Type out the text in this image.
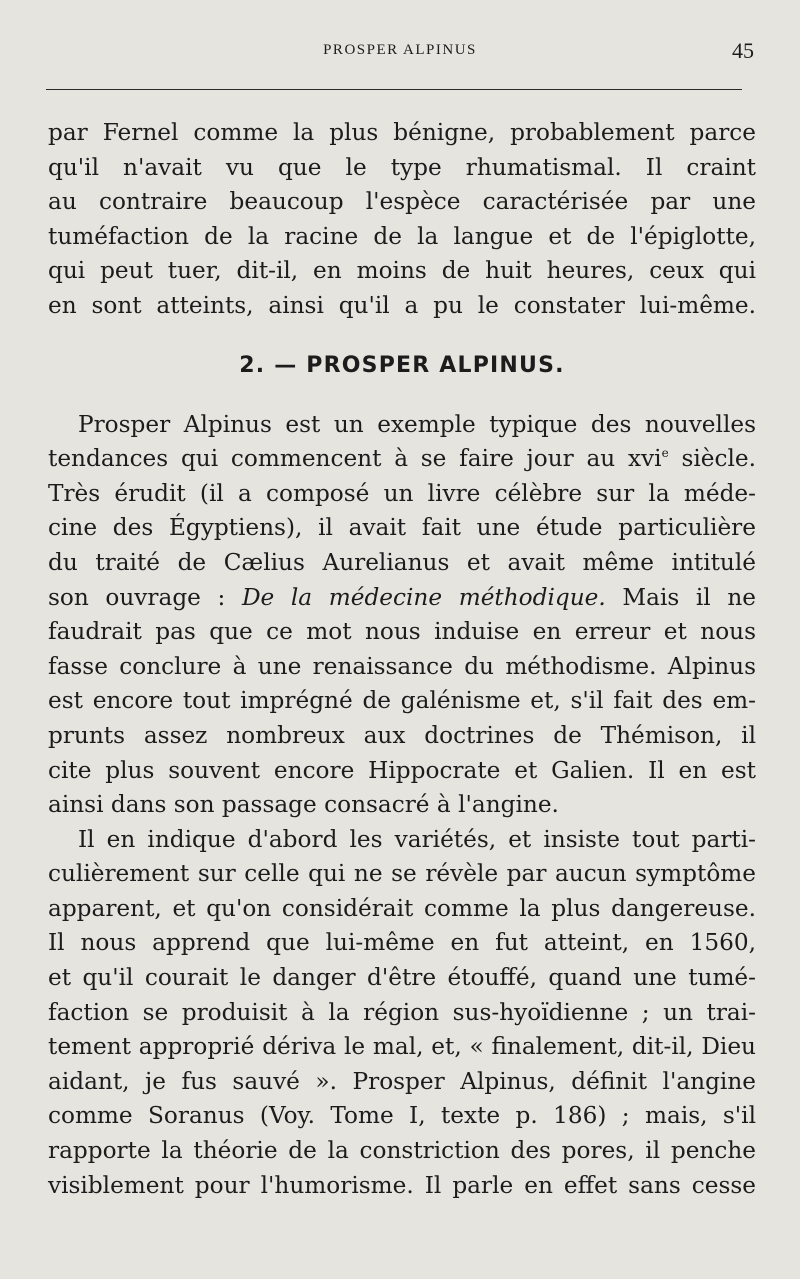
PROSPER ALPINUS	45
par Fernel comme la plus bénigne, probablement parce
qu'il n'avait vu que le type rhumatismal. Il craint
au contraire beaucoup l'espèce caractérisée par une
tuméfaction de la racine de la langue et de l'épiglotte,
qui peut tuer, dit-il, en moins de huit heures, ceux qui
en sont atteints, ainsi qu'il a pu le constater lui-même.
2. — PROSPER ALPINUS.
Prosper Alpinus est un exemple typique des nouvelles
tendances qui commencent à se faire jour au xvi$^e$ siècle.
Très érudit (il a composé un livre célèbre sur la méde-
cine des Égyptiens), il avait fait une étude particulière
du traité de Cælius Aurelianus et avait même intitulé
son ouvrage : De la médecine méthodique. Mais il ne
faudrait pas que ce mot nous induise en erreur et nous
fasse conclure à une renaissance du méthodisme. Alpinus
est encore tout imprégné de galénisme et, s'il fait des em-
prunts assez nombreux aux doctrines de Thémison, il
cite plus souvent encore Hippocrate et Galien. Il en est
ainsi dans son passage consacré à l'angine.
Il en indique d'abord les variétés, et insiste tout parti-
culièrement sur celle qui ne se révèle par aucun symptôme
apparent, et qu'on considérait comme la plus dangereuse.
Il nous apprend que lui-même en fut atteint, en 1560,
et qu'il courait le danger d'être étouffé, quand une tumé-
faction se produisit à la région sus-hyoïdienne ; un trai-
tement approprié dériva le mal, et, « finalement, dit-il, Dieu
aidant, je fus sauvé ». Prosper Alpinus, définit l'angine
comme Soranus (Voy. Tome I, texte p. 186) ; mais, s'il
rapporte la théorie de la constriction des pores, il penche
visiblement pour l'humorisme. Il parle en effet sans cesse
